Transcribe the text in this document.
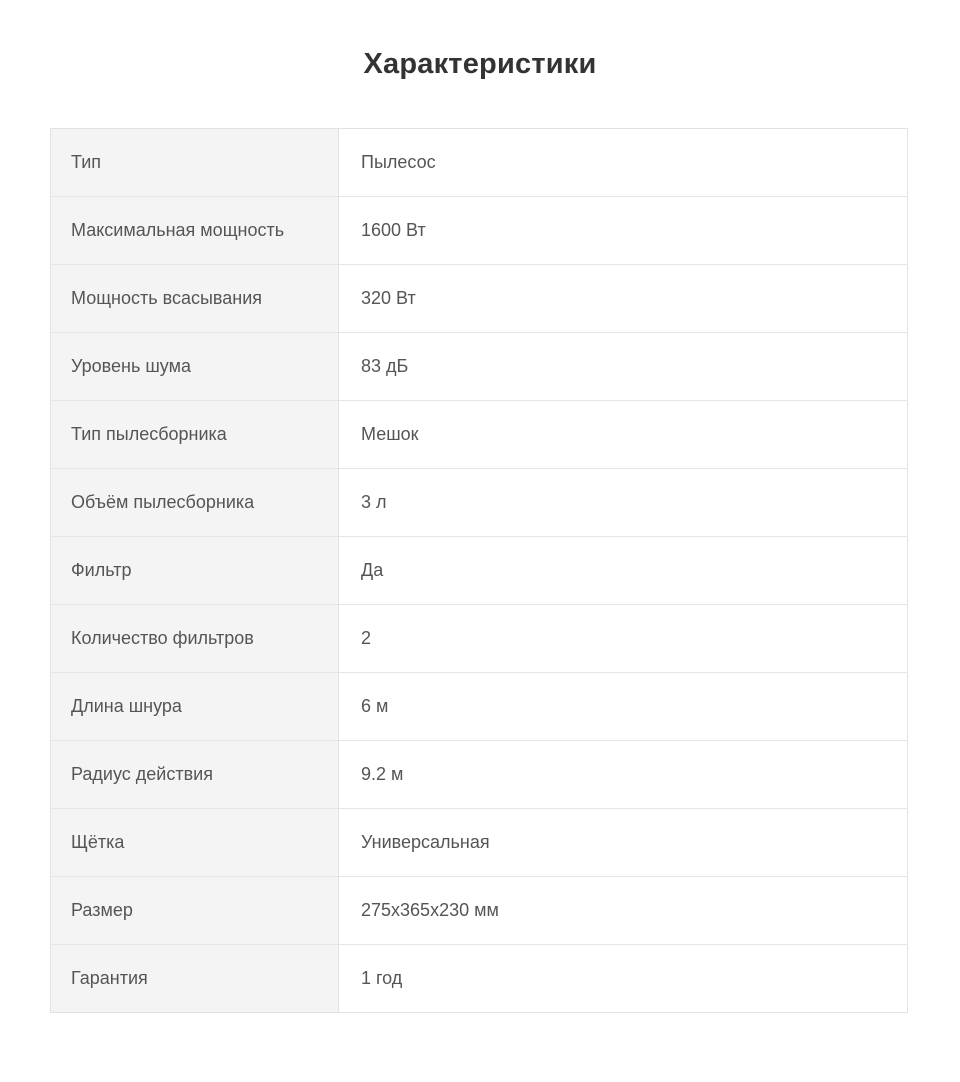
Характеристики
Тип	Пылесос
Максимальная мощность	1600 Вт
Мощность всасывания	320 Вт
Уровень шума	83 дБ
Тип пылесборника	Мешок
Объём пылесборника	3 л
Фильтр	Да
Количество фильтров	2
Длина шнура	6 м
Радиус действия	9.2 м
Щётка	Универсальная
Размер	275x365x230 мм
Гарантия	1 год
